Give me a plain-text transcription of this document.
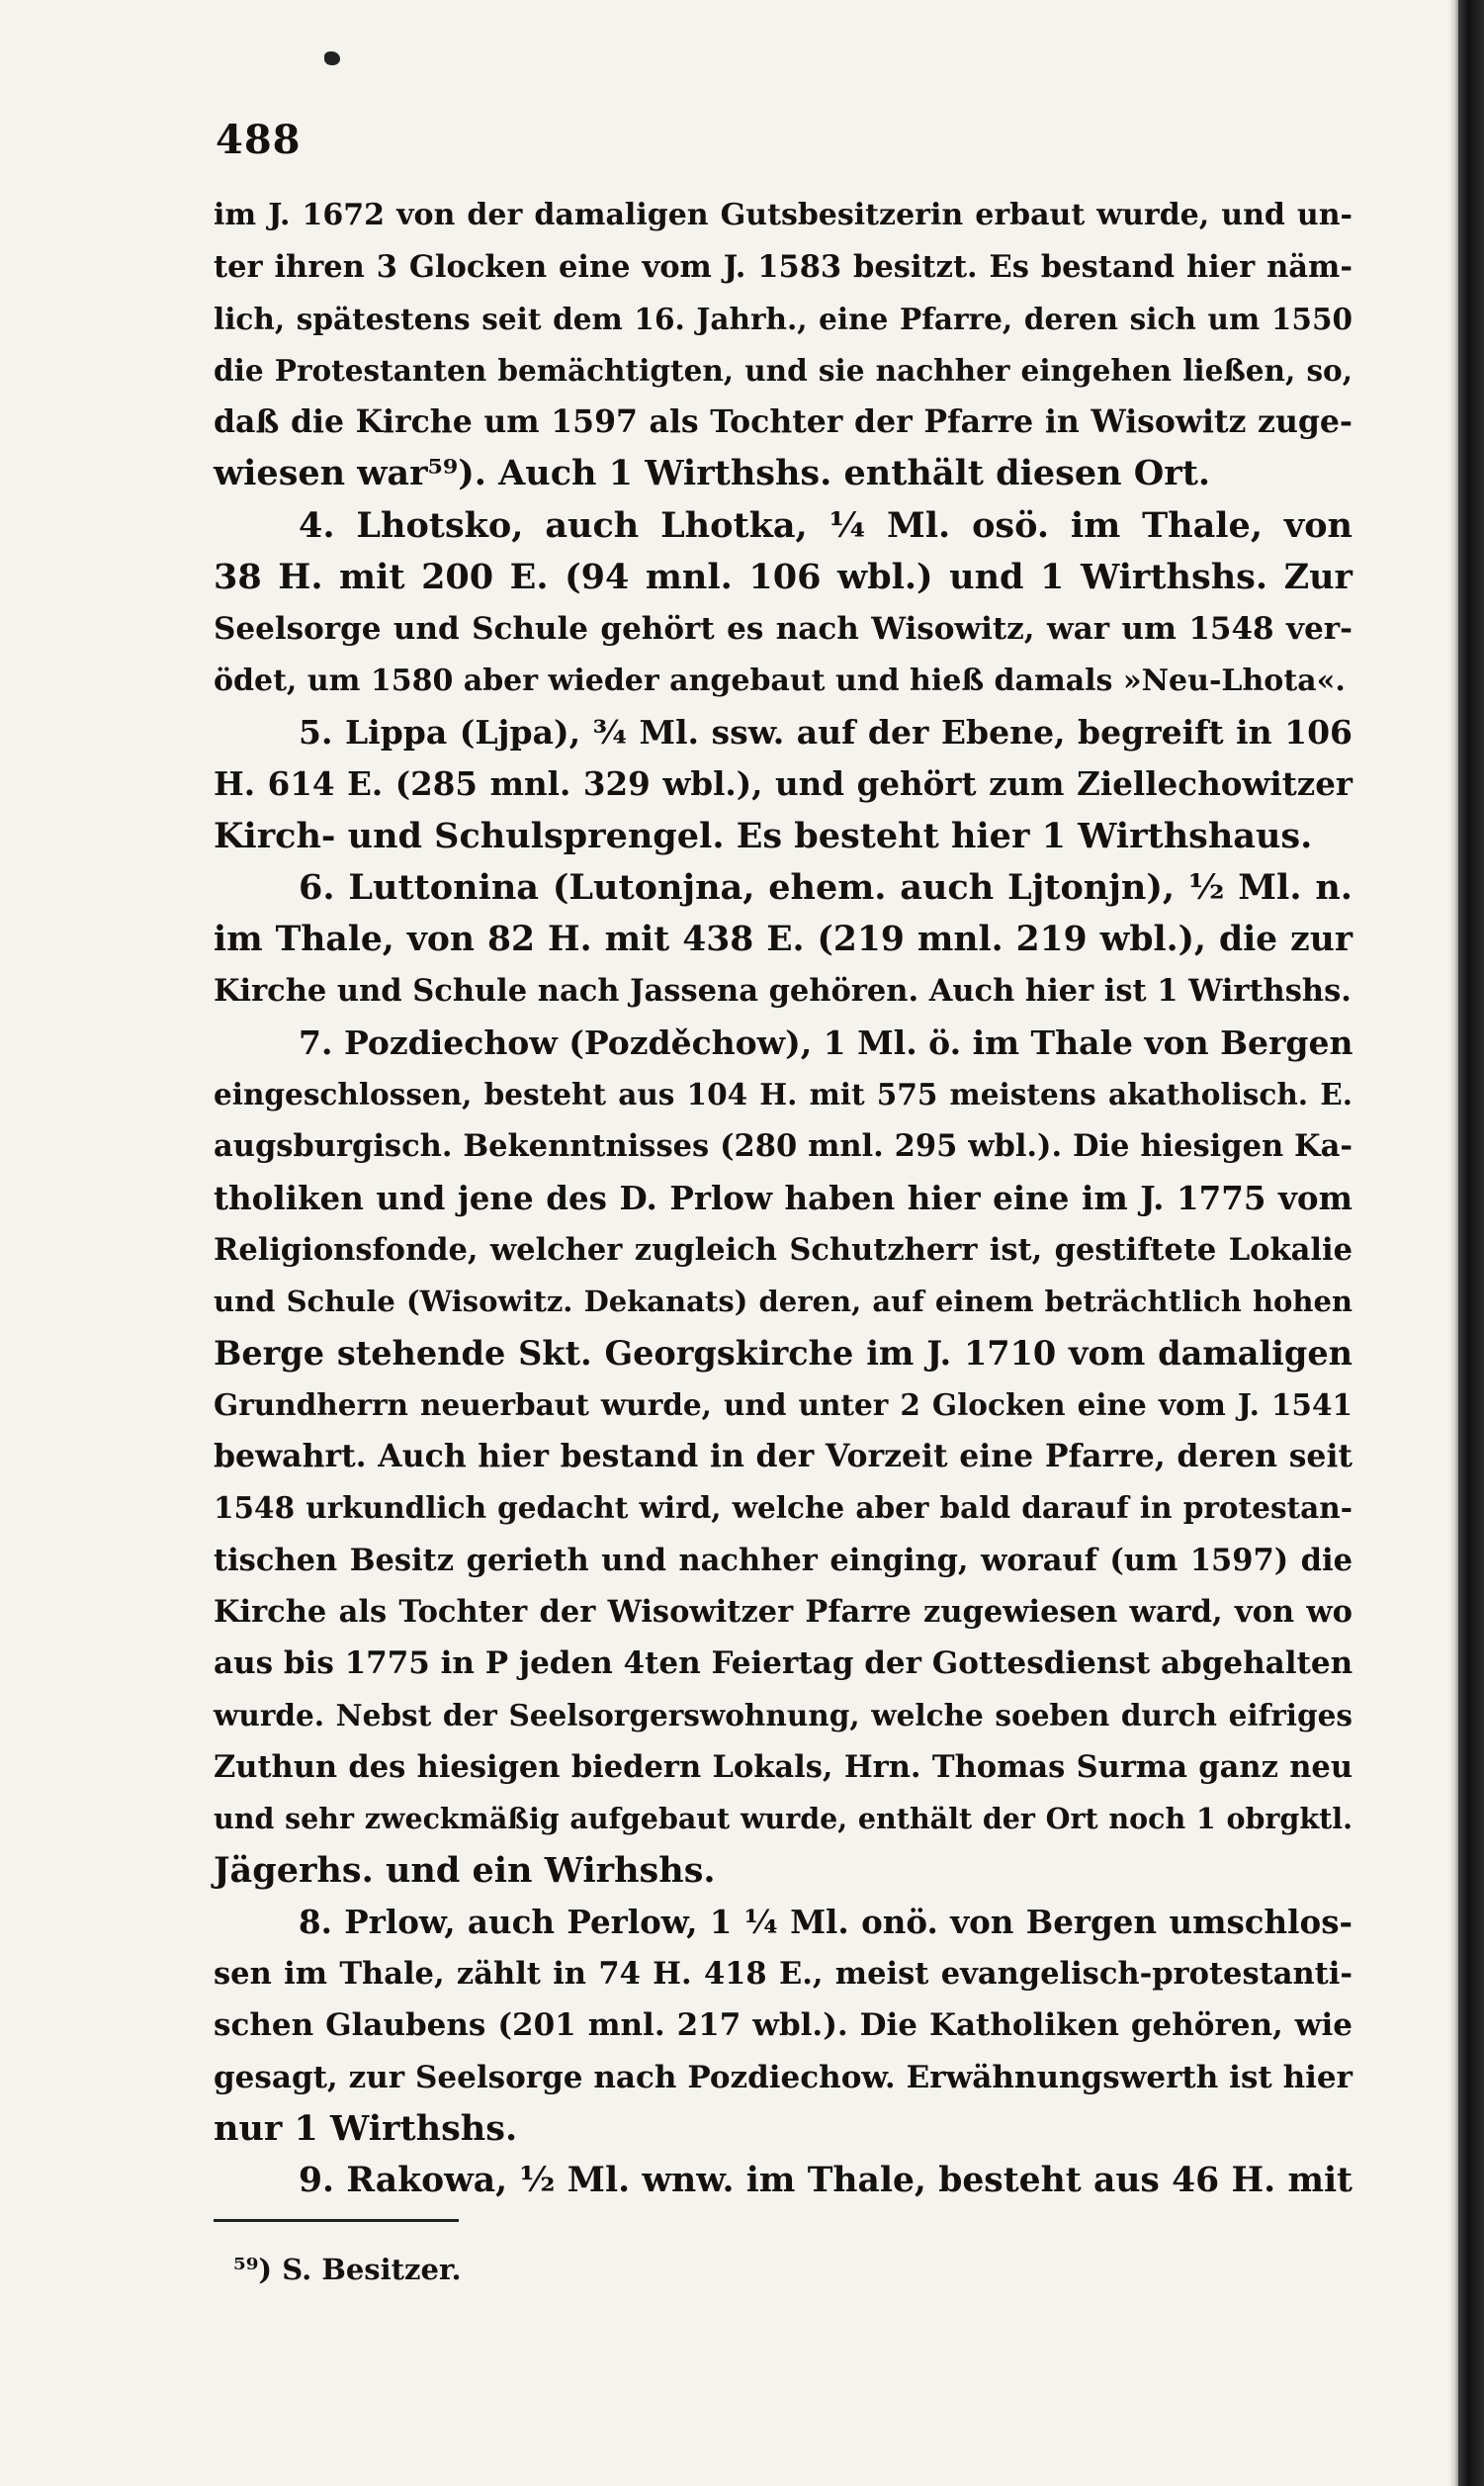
488
im J. 1672 von der damaligen Gutsbesitzerin erbaut wurde, und un-
ter ihren 3 Glocken eine vom J. 1583 besitzt. Es bestand hier näm-
lich, spätestens seit dem 16. Jahrh., eine Pfarre, deren sich um 1550
die Protestanten bemächtigten, und sie nachher eingehen ließen, so,
daß die Kirche um 1597 als Tochter der Pfarre in Wisowitz zuge-
wiesen war⁵⁹). Auch 1 Wirthshs. enthält diesen Ort.
4. Lhotsko, auch Lhotka, ¼ Ml. osö. im Thale, von
38 H. mit 200 E. (94 mnl. 106 wbl.) und 1 Wirthshs. Zur
Seelsorge und Schule gehört es nach Wisowitz, war um 1548 ver-
ödet, um 1580 aber wieder angebaut und hieß damals »Neu-Lhota«.
5. Lippa (Ljpa), ¾ Ml. ssw. auf der Ebene, begreift in 106
H. 614 E. (285 mnl. 329 wbl.), und gehört zum Ziellechowitzer
Kirch- und Schulsprengel. Es besteht hier 1 Wirthshaus.
6. Luttonina (Lutonjna, ehem. auch Ljtonjn), ½ Ml. n.
im Thale, von 82 H. mit 438 E. (219 mnl. 219 wbl.), die zur
Kirche und Schule nach Jassena gehören. Auch hier ist 1 Wirthshs.
7. Pozdiechow (Pozděchow), 1 Ml. ö. im Thale von Bergen
eingeschlossen, besteht aus 104 H. mit 575 meistens akatholisch. E.
augsburgisch. Bekenntnisses (280 mnl. 295 wbl.). Die hiesigen Ka-
tholiken und jene des D. Prlow haben hier eine im J. 1775 vom
Religionsfonde, welcher zugleich Schutzherr ist, gestiftete Lokalie
und Schule (Wisowitz. Dekanats) deren, auf einem beträchtlich hohen
Berge stehende Skt. Georgskirche im J. 1710 vom damaligen
Grundherrn neuerbaut wurde, und unter 2 Glocken eine vom J. 1541
bewahrt. Auch hier bestand in der Vorzeit eine Pfarre, deren seit
1548 urkundlich gedacht wird, welche aber bald darauf in protestan-
tischen Besitz gerieth und nachher einging, worauf (um 1597) die
Kirche als Tochter der Wisowitzer Pfarre zugewiesen ward, von wo
aus bis 1775 in P jeden 4ten Feiertag der Gottesdienst abgehalten
wurde. Nebst der Seelsorgerswohnung, welche soeben durch eifriges
Zuthun des hiesigen biedern Lokals, Hrn. Thomas Surma ganz neu
und sehr zweckmäßig aufgebaut wurde, enthält der Ort noch 1 obrgktl.
Jägerhs. und ein Wirhshs.
8. Prlow, auch Perlow, 1 ¼ Ml. onö. von Bergen umschlos-
sen im Thale, zählt in 74 H. 418 E., meist evangelisch-protestanti-
schen Glaubens (201 mnl. 217 wbl.). Die Katholiken gehören, wie
gesagt, zur Seelsorge nach Pozdiechow. Erwähnungswerth ist hier
nur 1 Wirthshs.
9. Rakowa, ½ Ml. wnw. im Thale, besteht aus 46 H. mit
⁵⁹) S. Besitzer.
